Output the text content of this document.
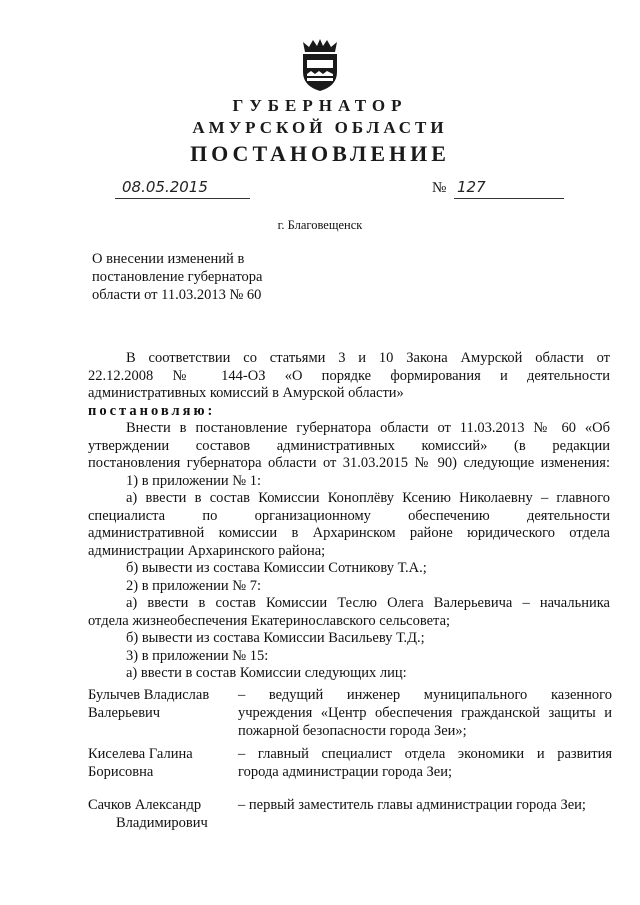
ГУБЕРНАТОР
АМУРСКОЙ ОБЛАСТИ
ПОСТАНОВЛЕНИЕ
08.05.2015	№ 127
г. Благовещенск
О внесении изменений в
постановление губернатора
области от 11.03.2013 № 60
В соответствии со статьями 3 и 10 Закона Амурской области от
22.12.2008 № 144-ОЗ «О порядке формирования и деятельности
административных комиссий в Амурской области»
постановляю:
Внести в постановление губернатора области от 11.03.2013 № 60 «Об
утверждении составов административных комиссий» (в редакции
постановления губернатора области от 31.03.2015 № 90) следующие изменения:
1) в приложении № 1:
а) ввести в состав Комиссии Коноплёву Ксению Николаевну – главного
специалиста по организационному обеспечению деятельности
административной комиссии в Архаринском районе юридического отдела
администрации Архаринского района;
б) вывести из состава Комиссии Сотникову Т.А.;
2) в приложении № 7:
а) ввести в состав Комиссии Теслю Олега Валерьевича – начальника
отдела жизнеобеспечения Екатеринославского сельсовета;
б) вывести из состава Комиссии Васильеву Т.Д.;
3) в приложении № 15:
а) ввести в состав Комиссии следующих лиц:
Булычев Владислав
Валерьевич
– ведущий инженер муниципального казенного
учреждения «Центр обеспечения гражданской защиты и
пожарной безопасности города Зеи»;
Киселева Галина
Борисовна
– главный специалист отдела экономики и развития
города администрации города Зеи;
Сачков Александр
Владимирович
– первый заместитель главы администрации города Зеи;
